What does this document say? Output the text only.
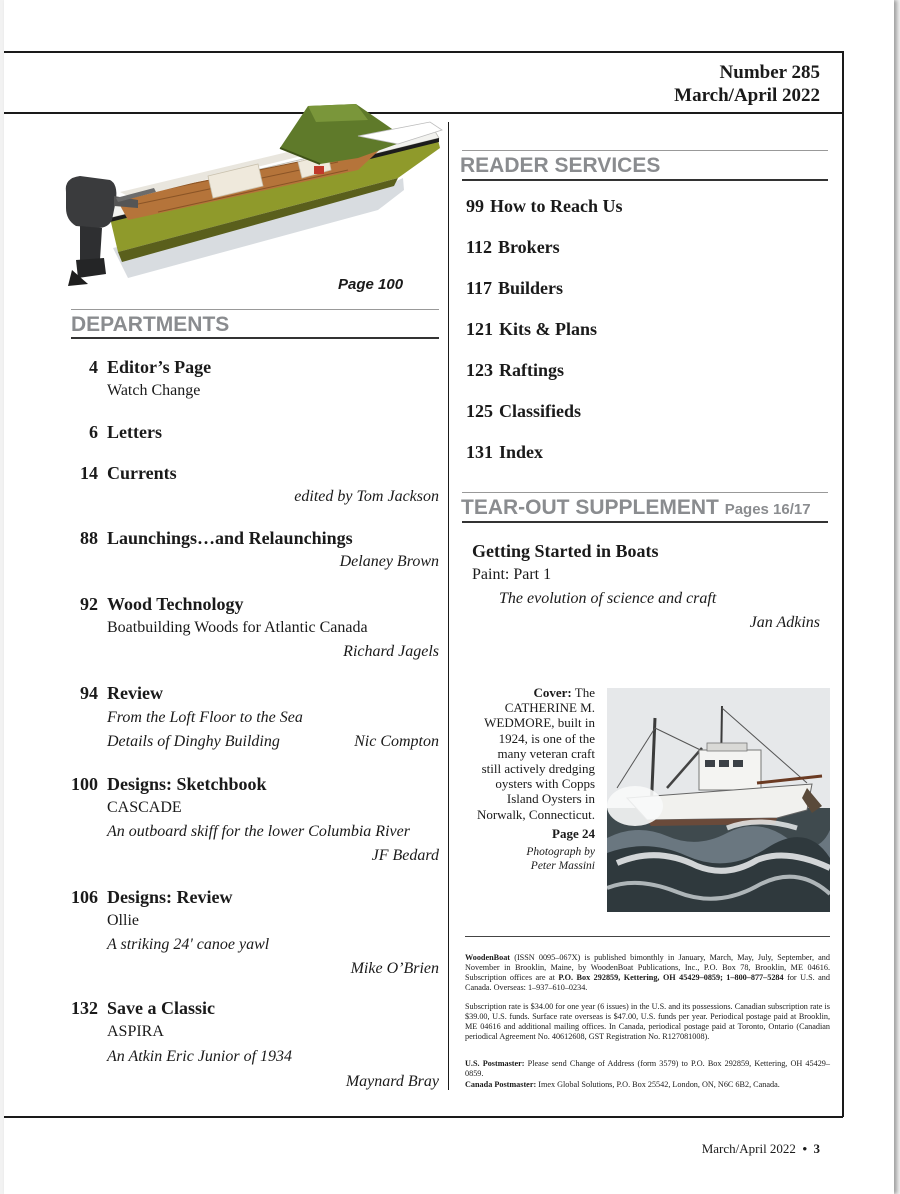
Number 285
March/April 2022
Page 100
DEPARTMENTS
4 Editor’s Page
Watch Change
6 Letters
14 Currents
edited by Tom Jackson
88 Launchings…and Relaunchings
Delaney Brown
92 Wood Technology
Boatbuilding Woods for Atlantic Canada
Richard Jagels
94 Review
From the Loft Floor to the Sea
Details of Dinghy Building	Nic Compton
100 Designs: Sketchbook
CASCADE
An outboard skiff for the lower Columbia River
JF Bedard
106 Designs: Review
Ollie
A striking 24' canoe yawl
Mike O’Brien
132 Save a Classic
ASPIRA
An Atkin Eric Junior of 1934
Maynard Bray
READER SERVICES
99 How to Reach Us
112 Brokers
117 Builders
121 Kits & Plans
123 Raftings
125 Classifieds
131 Index
TEAR-OUT SUPPLEMENT Pages 16/17
Getting Started in Boats
Paint: Part 1
The evolution of science and craft
Jan Adkins
Cover: The
CATHERINE M.
WEDMORE, built in
1924, is one of the
many veteran craft
still actively dredging
oysters with Copps
Island Oysters in
Norwalk, Connecticut.
Page 24
Photograph by
Peter Massini
WoodenBoat (ISSN 0095–067X) is published bimonthly in January, March, May, July, September, and November in Brooklin, Maine, by WoodenBoat Publications, Inc., P.O. Box 78, Brooklin, ME 04616. Subscription offices are at P.O. Box 292859, Kettering, OH 45429–0859; 1–800–877–5284 for U.S. and Canada. Overseas: 1–937–610–0234.
Subscription rate is $34.00 for one year (6 issues) in the U.S. and its possessions. Canadian subscription rate is $39.00, U.S. funds. Surface rate overseas is $47.00, U.S. funds per year. Periodical postage paid at Brooklin, ME 04616 and additional mailing offices. In Canada, periodical postage paid at Toronto, Ontario (Canadian periodical Agreement No. 40612608, GST Registration No. R127081008).
U.S. Postmaster: Please send Change of Address (form 3579) to P.O. Box 292859, Kettering, OH 45429–0859.
Canada Postmaster: Imex Global Solutions, P.O. Box 25542, London, ON, N6C 6B2, Canada.
March/April 2022 • 3
